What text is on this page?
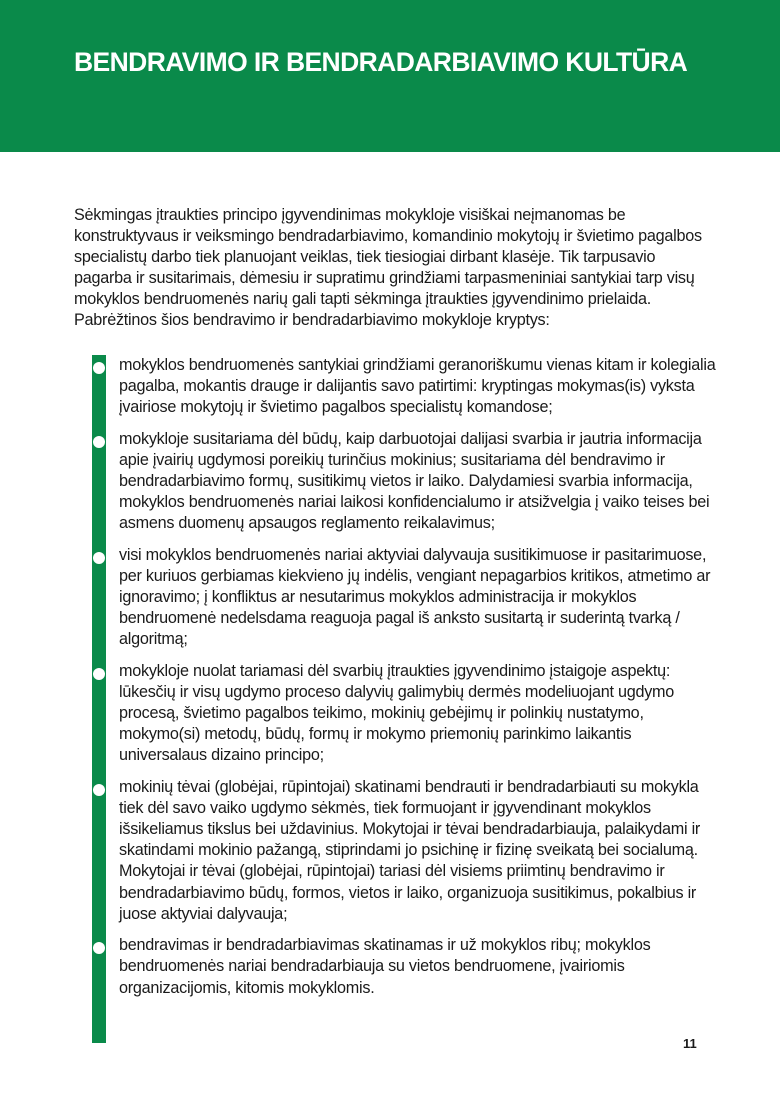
BENDRAVIMO IR BENDRADARBIAVIMO KULTŪRA

Sėkmingas įtraukties principo įgyvendinimas mokykloje visiškai neįmanomas be konstruktyvaus ir veiksmingo bendradarbiavimo, komandinio mokytojų ir švietimo pagalbos specialistų darbo tiek planuojant veiklas, tiek tiesiogiai dirbant klasėje. Tik tarpusavio pagarba ir susitarimais, dėmesiu ir supratimu grindžiami tarpasmeniniai santykiai tarp visų mokyklos bendruomenės narių gali tapti sėkminga įtraukties įgyvendinimo prielaida. Pabrėžtinos šios bendravimo ir bendradarbiavimo mokykloje kryptys:

mokyklos bendruomenės santykiai grindžiami geranoriškumu vienas kitam ir kolegialia pagalba, mokantis drauge ir dalijantis savo patirtimi: kryptingas mokymas(is) vyksta įvairiose mokytojų ir švietimo pagalbos specialistų komandose;
mokykloje susitariama dėl būdų, kaip darbuotojai dalijasi svarbia ir jautria informacija apie įvairių ugdymosi poreikių turinčius mokinius; susitariama dėl bendravimo ir bendradarbiavimo formų, susitikimų vietos ir laiko. Dalydamiesi svarbia informacija, mokyklos bendruomenės nariai laikosi konfidencialumo ir atsižvelgia į vaiko teises bei asmens duomenų apsaugos reglamento reikalavimus;
visi mokyklos bendruomenės nariai aktyviai dalyvauja susitikimuose ir pasitarimuose, per kuriuos gerbiamas kiekvieno jų indėlis, vengiant nepagarbios kritikos, atmetimo ar ignoravimo; į konfliktus ar nesutarimus mokyklos administracija ir mokyklos bendruomenė nedelsdama reaguoja pagal iš anksto susitartą ir suderintą tvarką / algoritmą;
mokykloje nuolat tariamasi dėl svarbių įtraukties įgyvendinimo įstaigoje aspektų: lūkesčių ir visų ugdymo proceso dalyvių galimybių dermės modeliuojant ugdymo procesą, švietimo pagalbos teikimo, mokinių gebėjimų ir polinkių nustatymo, mokymo(si) metodų, būdų, formų ir mokymo priemonių parinkimo laikantis universalaus dizaino principo;
mokinių tėvai (globėjai, rūpintojai) skatinami bendrauti ir bendradarbiauti su mokykla tiek dėl savo vaiko ugdymo sėkmės, tiek formuojant ir įgyvendinant mokyklos išsikeliamus tikslus bei uždavinius. Mokytojai ir tėvai bendradarbiauja, palaikydami ir skatindami mokinio pažangą, stiprindami jo psichinę ir fizinę sveikatą bei socialumą. Mokytojai ir tėvai (globėjai, rūpintojai) tariasi dėl visiems priimtinų bendravimo ir bendradarbiavimo būdų, formos, vietos ir laiko, organizuoja susitikimus, pokalbius ir juose aktyviai dalyvauja;
bendravimas ir bendradarbiavimas skatinamas ir už mokyklos ribų; mokyklos bendruomenės nariai bendradarbiauja su vietos bendruomene, įvairiomis organizacijomis, kitomis mokyklomis.
11
